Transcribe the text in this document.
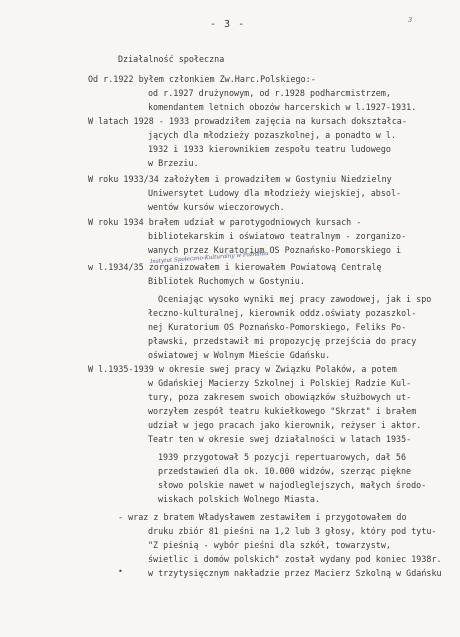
- 3 -	3
Działalność społeczna
Od r.1922 byłem członkiem Zw.Harc.Polskiego:-
od r.1927 drużynowym, od r.1928 podharcmistrzem,
komendantem letnich obozów harcerskich w l.1927-1931.
W latach 1928 - 1933 prowadziłem zajęcia na kursach dokształca-
jących dla młodzieży pozaszkolnej, a ponadto w l.
1932 i 1933 kierownikiem zespołu teatru ludowego
w Brzeziu.
W roku 1933/34 założyłem i prowadziłem w Gostyniu Niedzielny
Uniwersytet Ludowy dla młodzieży wiejskiej, absol-
wentów kursów wieczorowych.
W roku 1934 brałem udział w parotygodniowych kursach -
bibliotekarskim i oświatowo teatralnym - zorganizo-
wanych przez Kuratorium OS Poznańsko-Pomorskiego i
Instytut Społeczno-Kulturalny w Poznaniu
w l.1934/35 zorganizowałem i kierowałem Powiatową Centralę
Bibliotek Ruchomych w Gostyniu.
Oceniając wysoko wyniki mej pracy zawodowej, jak i spo
łeczno-kulturalnej, kierownik oddz.oświaty pozaszkol-
nej Kuratorium OS Poznańsko-Pomorskiego, Feliks Po-
pławski, przedstawił mi propozycję przejścia do pracy
oświatowej w Wolnym Mieście Gdańsku.
W l.1935-1939 w okresie swej pracy w Związku Polaków, a potem
w Gdańskiej Macierzy Szkolnej i Polskiej Radzie Kul-
tury, poza zakresem swoich obowiązków służbowych ut-
worzyłem zespół teatru kukiełkowego "Skrzat" i brałem
udział w jego pracach jako kierownik, reżyser i aktor.
Teatr ten w okresie swej działalności w latach 1935-
1939 przygotował 5 pozycji repertuarowych, dał 56
przedstawień dla ok. 10.000 widzów, szerząc piękne
słowo polskie nawet w najodleglejszych, małych środo-
wiskach polskich Wolnego Miasta.
- wraz z bratem Władysławem zestawiłem i przygotowałem do
druku zbiór 81 pieśni na 1,2 lub 3 głosy, który pod tytu-
"Z pieśnią - wybór pieśni dla szkół, towarzystw,
świetlic i domów polskich" został wydany pod koniec 1938r.
w trzytysięcznym nakładzie przez Macierz Szkolną w Gdańsku
•
